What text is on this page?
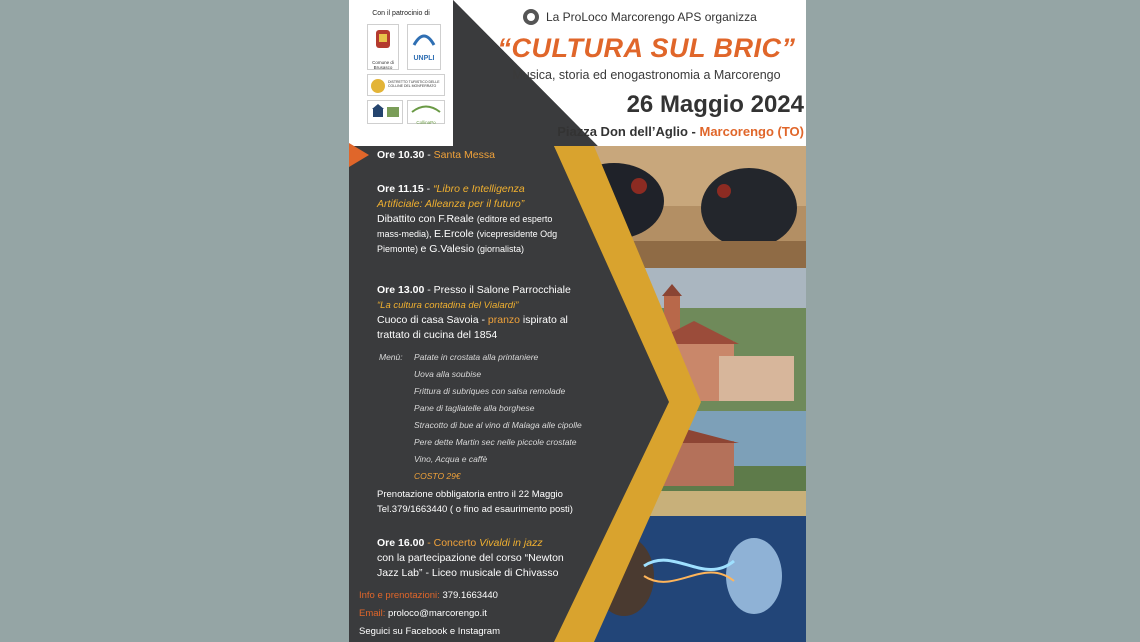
Con il patrocinio di
Comune di Brusasco
UNPLI
DISTRETTO TURISTICO DELLE COLLINE DEL MONFERRATO
CollinaPo
La ProLoco Marcorengo APS organizza
“CULTURA SUL BRIC”
Musica, storia ed enogastronomia a Marcorengo
26 Maggio 2024
Piazza Don dell’Aglio - Marcorengo (TO)
Ore 10.30 - Santa Messa
Ore 11.15 - “Libro e Intelligenza
Artificiale: Alleanza per il futuro”
Dibattito con F.Reale (editore ed esperto
mass-media), E.Ercole (vicepresidente Odg
Piemonte) e G.Valesio (giornalista)
Ore 13.00 - Presso il Salone Parrocchiale
“La cultura contadina del Vialardi”
Cuoco di casa Savoia - pranzo ispirato al
trattato di cucina del 1854
Menù: Patate in crostata alla printaniere
Uova alla soubise
Frittura di subriques con salsa remolade
Pane di tagliatelle alla borghese
Stracotto di bue al vino di Malaga alle cipolle
Pere dette Martin sec nelle piccole crostate
Vino, Acqua e caffè
COSTO 29€
Prenotazione obbligatoria entro il 22 Maggio
Tel.379/1663440 ( o fino ad esaurimento posti)
Ore 16.00 - Concerto Vivaldi in jazz
con la partecipazione del corso “Newton
Jazz Lab” - Liceo musicale di Chivasso
Info e prenotazioni: 379.1663440
Email: proloco@marcorengo.it
Seguici su Facebook e Instagram
